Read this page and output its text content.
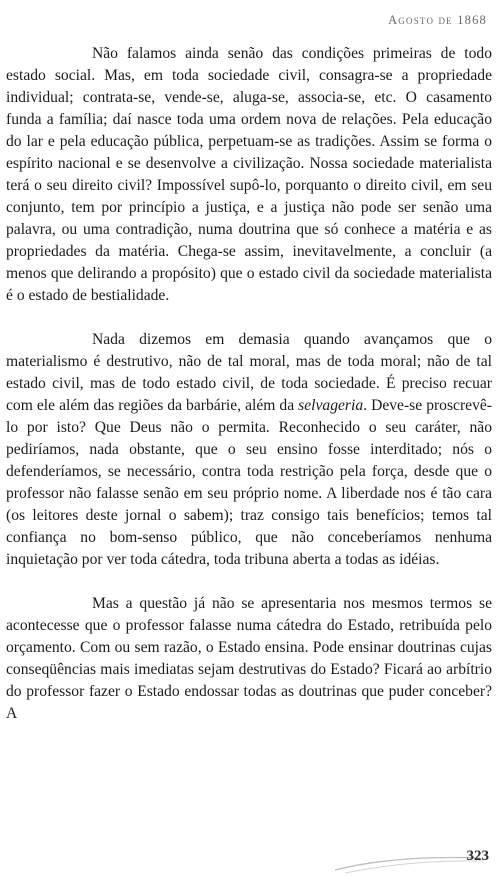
Agosto de 1868

Não falamos ainda senão das condições primeiras de todo estado social. Mas, em toda sociedade civil, consagra-se a propriedade individual; contrata-se, vende-se, aluga-se, associa-se, etc. O casamento funda a família; daí nasce toda uma ordem nova de relações. Pela educação do lar e pela educação pública, perpetuam-se as tradições. Assim se forma o espírito nacional e se desenvolve a civilização. Nossa sociedade materialista terá o seu direito civil? Impossível supô-lo, porquanto o direito civil, em seu conjunto, tem por princípio a justiça, e a justiça não pode ser senão uma palavra, ou uma contradição, numa doutrina que só conhece a matéria e as propriedades da matéria. Chega-se assim, inevitavelmente, a concluir (a menos que delirando a propósito) que o estado civil da sociedade materialista é o estado de bestialidade.

Nada dizemos em demasia quando avançamos que o materialismo é destrutivo, não de tal moral, mas de toda moral; não de tal estado civil, mas de todo estado civil, de toda sociedade. É preciso recuar com ele além das regiões da barbárie, além da selvageria. Deve-se proscrevê-lo por isto? Que Deus não o permita. Reconhecido o seu caráter, não pediríamos, nada obstante, que o seu ensino fosse interditado; nós o defenderíamos, se necessário, contra toda restrição pela força, desde que o professor não falasse senão em seu próprio nome. A liberdade nos é tão cara (os leitores deste jornal o sabem); traz consigo tais benefícios; temos tal confiança no bom-senso público, que não conceberíamos nenhuma inquietação por ver toda cátedra, toda tribuna aberta a todas as idéias.

Mas a questão já não se apresentaria nos mesmos termos se acontecesse que o professor falasse numa cátedra do Estado, retribuída pelo orçamento. Com ou sem razão, o Estado ensina. Pode ensinar doutrinas cujas conseqüências mais imediatas sejam destrutivas do Estado? Ficará ao arbítrio do professor fazer o Estado endossar todas as doutrinas que puder conceber? A

323
